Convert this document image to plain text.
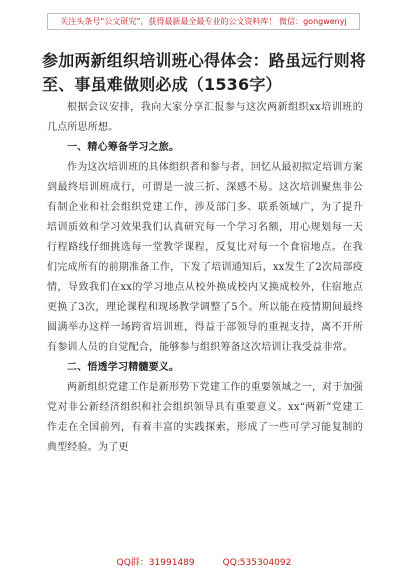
关注头条号“公文研究”，获得最新最全最专业的公文资料库！ 微信：gongwenyj
参加两新组织培训班心得体会：路虽远行则将至、事虽难做则必成（1536字）

根据会议安排，我向大家分享汇报参与这次两新组织xx培训班的几点所思所想。

一、精心筹备学习之旅。

作为这次培训班的具体组织者和参与者，回忆从最初拟定培训方案到最终培训班成行，可谓是一波三折、深感不易。这次培训聚焦非公有制企业和社会组织党建工作，涉及部门多、联系领域广，为了提升培训质效和学习效果我们认真研究每一个学习名额，用心规划每一天行程路线仔细挑选每一堂教学课程，反复比对每一个食宿地点。在我们完成所有的前期准备工作，下发了培训通知后，xx发生了2次局部疫情，导致我们在xx的学习地点从校外换成校内又换成校外，住宿地点更换了3次，理论课程和现场教学调整了5个。所以能在疫情期间最终圆满举办这样一场跨省培训班，得益于部领导的重视支持，离不开所有参训人员的自觉配合，能够参与组织筹备这次培训让我受益非常。

二、悟透学习精髓要义。

两新组织党建工作是新形势下党建工作的重要领域之一，对于加强党对非公新经济组织和社会组织领导具有重要意义。xx“两新”党建工作走在全国前列，有着丰富的实践探索，形成了一些可学习能复制的典型经验。为了更

QQ群：31991489	QQ:535304092
